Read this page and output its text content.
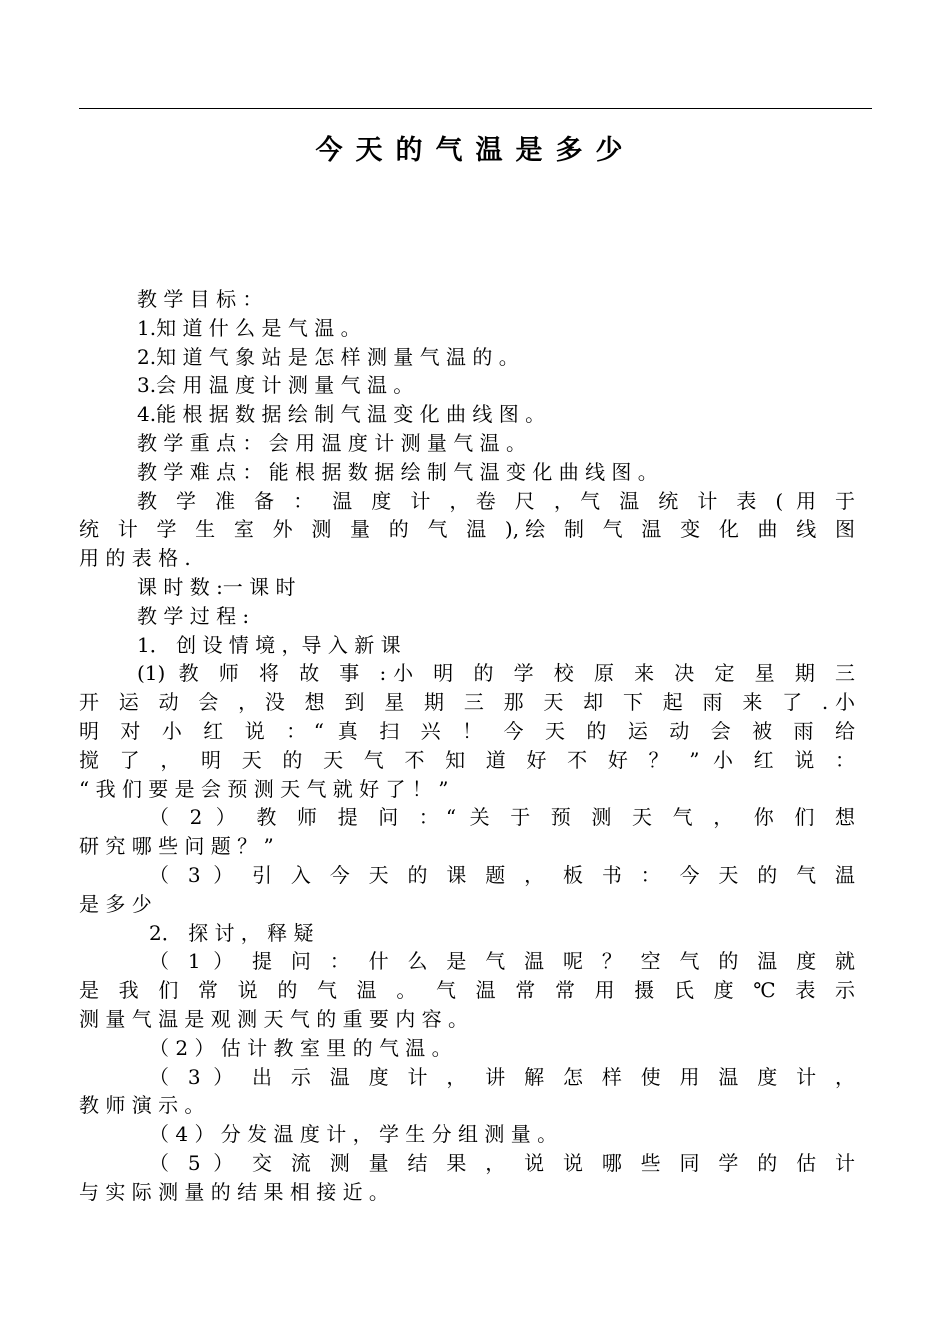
今天的气温是多少
教 学 目 标 ：
1.知 道 什 么 是 气 温 。
2.知 道 气 象 站 是 怎 样 测 量 气 温 的 。
3.会 用 温 度 计 测 量 气 温 。
4.能 根 据 数 据 绘 制 气 温 变 化 曲 线 图 。
教 学 重 点 ： 会 用 温 度 计 测 量 气 温 。
教 学 难 点 ： 能 根 据 数 据 绘 制 气 温 变 化 曲 线 图 。
教 学 准 备 ： 温 度 计 ，卷 尺 ，气 温 统 计 表 ( 用 于
统 计 学 生 室 外 测 量 的 气 温 ),绘 制 气 温 变 化 曲 线 图
用 的 表 格 .
课 时 数 :一 课 时
教 学 过 程 :
1． 创 设 情 境 ，导 入 新 课
(1) 教 师 将 故 事 :小 明 的 学 校 原 来 决 定 星 期 三
开 运 动 会 ，没 想 到 星 期 三 那 天 却 下 起 雨 来 了 .小
明 对 小 红 说 ：“ 真 扫 兴 ！ 今 天 的 运 动 会 被 雨 给
搅 了 ， 明 天 的 天 气 不 知 道 好 不 好 ？ ” 小 红 说 ：
“ 我 们 要 是 会 预 测 天 气 就 好 了 ！ ”
（ 2 ） 教 师 提 问 ：“ 关 于 预 测 天 气 ， 你 们 想
研 究 哪 些 问 题 ？ ”
（ 3 ） 引 入 今 天 的 课 题 ， 板 书 ： 今 天 的 气 温
是 多 少
2． 探 讨 ， 释 疑
（ 1 ） 提 问 ： 什 么 是 气 温 呢 ？ 空 气 的 温 度 就
是 我 们 常 说 的 气 温 。 气 温 常 常 用 摄 氏 度 ℃ 表 示
测 量 气 温 是 观 测 天 气 的 重 要 内 容 。
（ 2 ） 估 计 教 室 里 的 气 温 。
（ 3 ） 出 示 温 度 计 ， 讲 解 怎 样 使 用 温 度 计 ，
教 师 演 示 。
（ 4 ） 分 发 温 度 计 ， 学 生 分 组 测 量 。
（ 5 ） 交 流 测 量 结 果 ， 说 说 哪 些 同 学 的 估 计
与 实 际 测 量 的 结 果 相 接 近 。
